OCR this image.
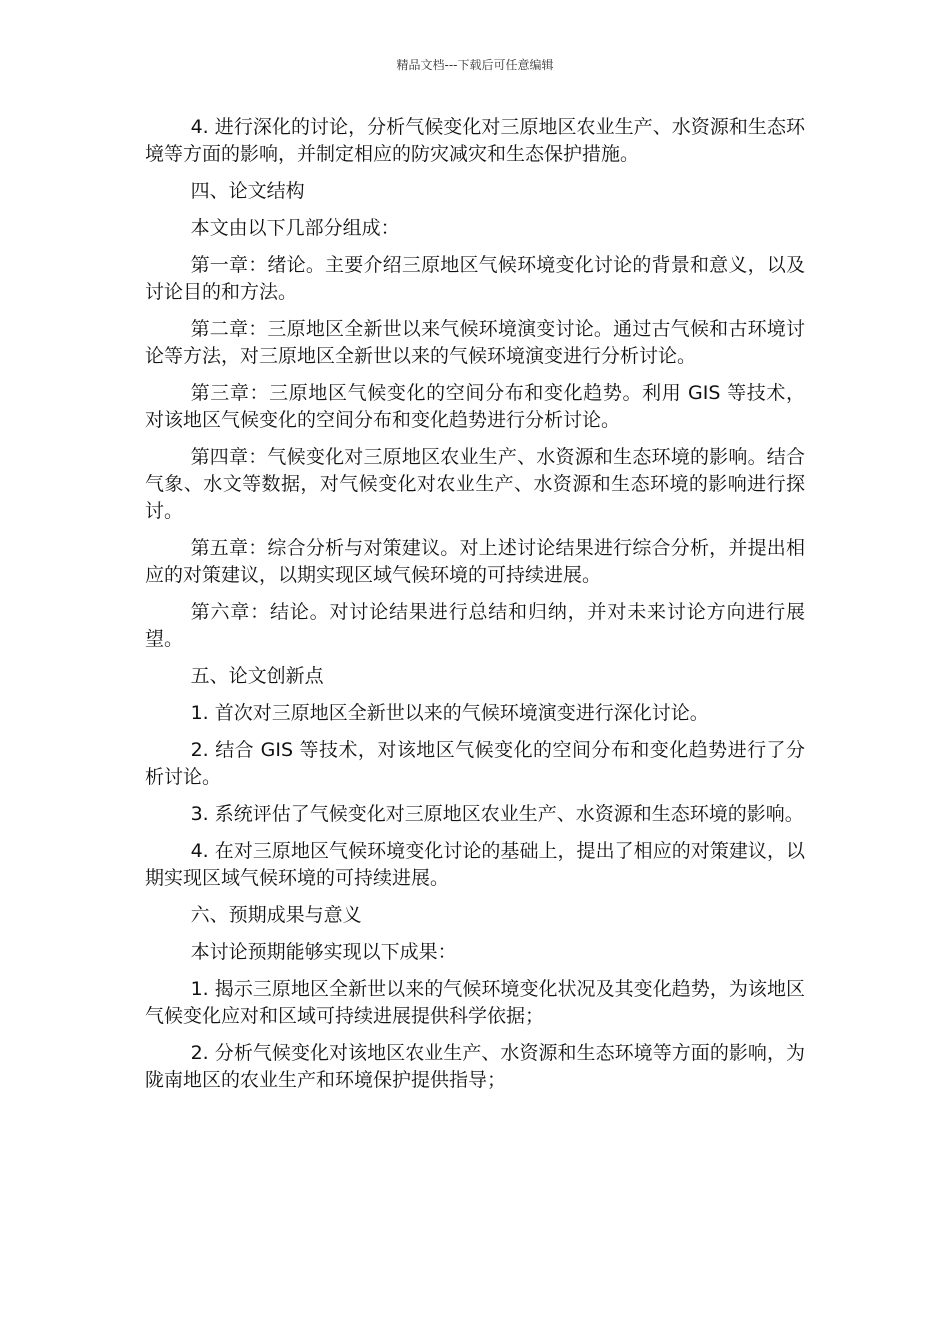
精品文档---下载后可任意编辑

4. 进行深化的讨论，分析气候变化对三原地区农业生产、水资源和生态环境等方面的影响，并制定相应的防灾减灾和生态保护措施。

四、论文结构

本文由以下几部分组成：

第一章：绪论。主要介绍三原地区气候环境变化讨论的背景和意义，以及讨论目的和方法。

第二章：三原地区全新世以来气候环境演变讨论。通过古气候和古环境讨论等方法，对三原地区全新世以来的气候环境演变进行分析讨论。

第三章：三原地区气候变化的空间分布和变化趋势。利用 GIS 等技术，对该地区气候变化的空间分布和变化趋势进行分析讨论。

第四章：气候变化对三原地区农业生产、水资源和生态环境的影响。结合气象、水文等数据，对气候变化对农业生产、水资源和生态环境的影响进行探讨。

第五章：综合分析与对策建议。对上述讨论结果进行综合分析，并提出相应的对策建议，以期实现区域气候环境的可持续进展。

第六章：结论。对讨论结果进行总结和归纳，并对未来讨论方向进行展望。

五、论文创新点

1. 首次对三原地区全新世以来的气候环境演变进行深化讨论。

2. 结合 GIS 等技术，对该地区气候变化的空间分布和变化趋势进行了分析讨论。

3. 系统评估了气候变化对三原地区农业生产、水资源和生态环境的影响。

4. 在对三原地区气候环境变化讨论的基础上，提出了相应的对策建议，以期实现区域气候环境的可持续进展。

六、预期成果与意义

本讨论预期能够实现以下成果：

1. 揭示三原地区全新世以来的气候环境变化状况及其变化趋势，为该地区气候变化应对和区域可持续进展提供科学依据；

2. 分析气候变化对该地区农业生产、水资源和生态环境等方面的影响，为陇南地区的农业生产和环境保护提供指导；
